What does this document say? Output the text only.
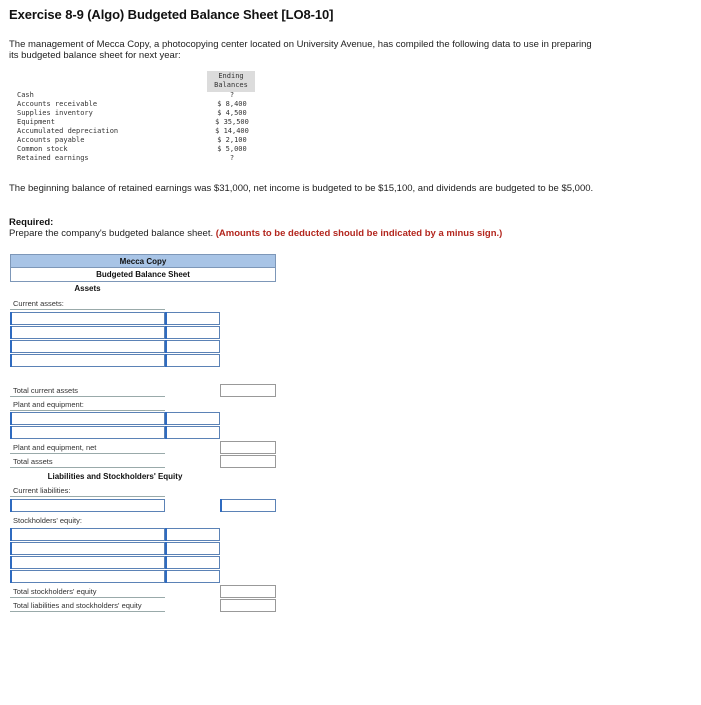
Exercise 8-9 (Algo) Budgeted Balance Sheet [LO8-10]
The management of Mecca Copy, a photocopying center located on University Avenue, has compiled the following data to use in preparing its budgeted balance sheet for next year:
Ending
Balances
Cash	?
Accounts receivable	$ 8,400
Supplies inventory	$ 4,500
Equipment	$ 35,500
Accumulated depreciation	$ 14,400
Accounts payable	$ 2,100
Common stock	$ 5,000
Retained earnings	?
The beginning balance of retained earnings was $31,000, net income is budgeted to be $15,100, and dividends are budgeted to be $5,000.
Required:
Prepare the company's budgeted balance sheet. (Amounts to be deducted should be indicated by a minus sign.)
Mecca Copy
Budgeted Balance Sheet
Assets
Current assets:
Total current assets
Plant and equipment:
Plant and equipment, net
Total assets
Liabilities and Stockholders' Equity
Current liabilities:
Stockholders' equity:
Total stockholders' equity
Total liabilities and stockholders' equity
